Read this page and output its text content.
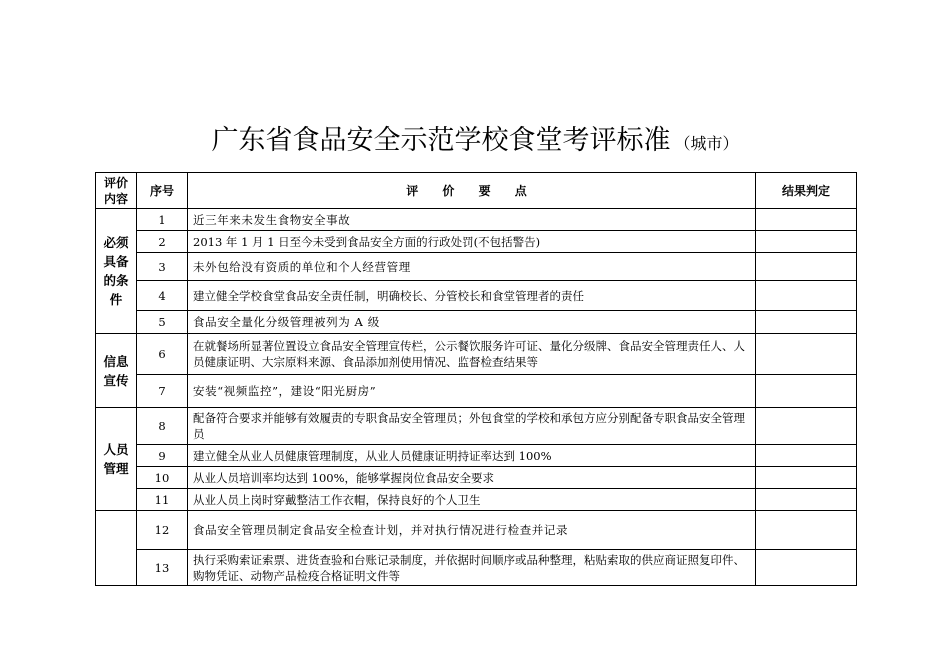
广东省食品安全示范学校食堂考评标准 （城市）
评价内容	序号	评 价 要 点	结果判定
必须具备的条件	1	近三年来未发生食物安全事故	
	2	2013 年 1 月 1 日至今未受到食品安全方面的行政处罚(不包括警告)	
	3	未外包给没有资质的单位和个人经营管理	
	4	建立健全学校食堂食品安全责任制，明确校长、分管校长和食堂管理者的责任	
	5	食品安全量化分级管理被列为 A 级	
信息宣传	6	在就餐场所显著位置设立食品安全管理宣传栏，公示餐饮服务许可证、量化分级牌、食品安全管理责任人、人员健康证明、大宗原料来源、食品添加剂使用情况、监督检查结果等	
	7	安装“视频监控”，建设“阳光厨房”	
人员管理	8	配备符合要求并能够有效履责的专职食品安全管理员；外包食堂的学校和承包方应分别配备专职食品安全管理员	
	9	建立健全从业人员健康管理制度，从业人员健康证明持证率达到 100%	
	10	从业人员培训率均达到 100%，能够掌握岗位食品安全要求	
	11	从业人员上岗时穿戴整洁工作衣帽，保持良好的个人卫生	
	12	食品安全管理员制定食品安全检查计划，并对执行情况进行检查并记录	
	13	执行采购索证索票、进货查验和台账记录制度，并依据时间顺序或品种整理，粘贴索取的供应商证照复印件、购物凭证、动物产品检疫合格证明文件等	
